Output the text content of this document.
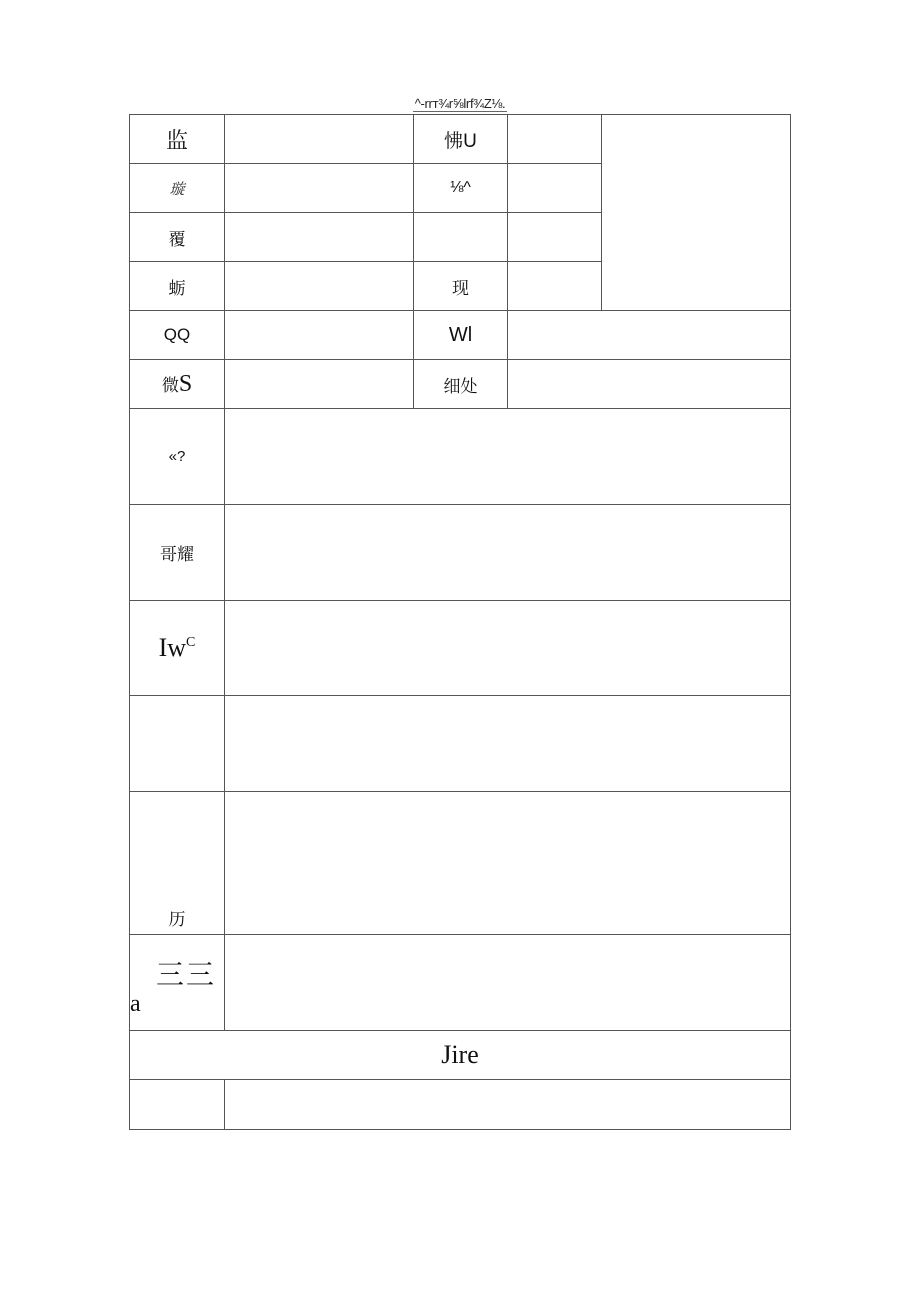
^-rrт¾r⅝lrf¾Z⅛.
监		怫U		
璇		⅛^		
覆				
蛎		现		
QQ		Wl		
微S		细处		
«?				
哥耀				
$Iw^C$	

历				

三三
a				

Jire				
